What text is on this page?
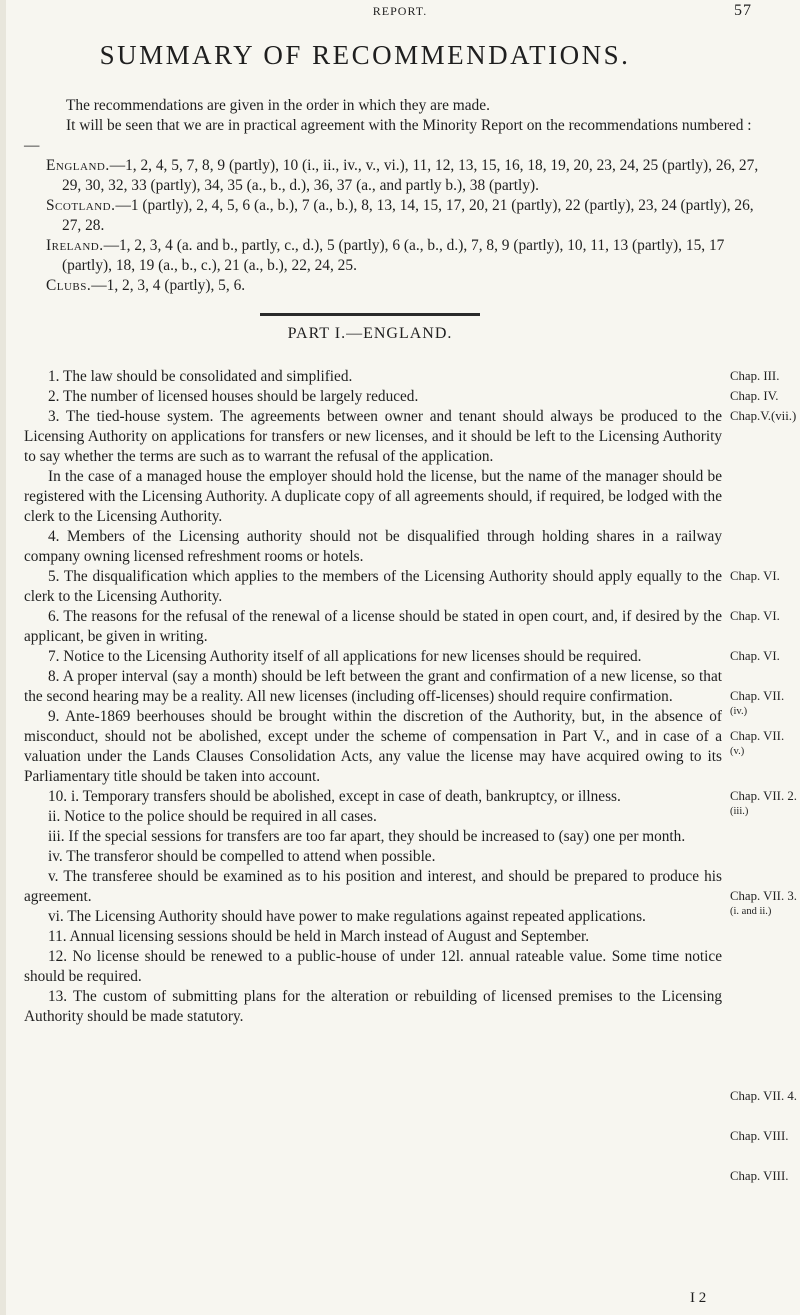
REPORT.	57
SUMMARY OF RECOMMENDATIONS.

The recommendations are given in the order in which they are made.

It will be seen that we are in practical agreement with the Minority Report on the recommendations numbered :—

England.—1, 2, 4, 5, 7, 8, 9 (partly), 10 (i., ii., iv., v., vi.), 11, 12, 13, 15, 16, 18, 19, 20, 23, 24, 25 (partly), 26, 27, 29, 30, 32, 33 (partly), 34, 35 (a., b., d.), 36, 37 (a., and partly b.), 38 (partly).

Scotland.—1 (partly), 2, 4, 5, 6 (a., b.), 7 (a., b.), 8, 13, 14, 15, 17, 20, 21 (partly), 22 (partly), 23, 24 (partly), 26, 27, 28.

Ireland.—1, 2, 3, 4 (a. and b., partly, c., d.), 5 (partly), 6 (a., b., d.), 7, 8, 9 (partly), 10, 11, 13 (partly), 15, 17 (partly), 18, 19 (a., b., c.), 21 (a., b.), 22, 24, 25.

Clubs.—1, 2, 3, 4 (partly), 5, 6.

PART I.—ENGLAND.

1. The law should be consolidated and simplified.

2. The number of licensed houses should be largely reduced.

3. The tied-house system. The agreements between owner and tenant should always be produced to the Licensing Authority on applications for transfers or new licenses, and it should be left to the Licensing Authority to say whether the terms are such as to warrant the refusal of the application.

In the case of a managed house the employer should hold the license, but the name of the manager should be registered with the Licensing Authority. A duplicate copy of all agreements should, if required, be lodged with the clerk to the Licensing Authority.

4. Members of the Licensing authority should not be disqualified through holding shares in a railway company owning licensed refreshment rooms or hotels.

5. The disqualification which applies to the members of the Licensing Authority should apply equally to the clerk to the Licensing Authority.

6. The reasons for the refusal of the renewal of a license should be stated in open court, and, if desired by the applicant, be given in writing.

7. Notice to the Licensing Authority itself of all applications for new licenses should be required.

8. A proper interval (say a month) should be left between the grant and confirmation of a new license, so that the second hearing may be a reality. All new licenses (including off-licenses) should require confirmation.

9. Ante-1869 beerhouses should be brought within the discretion of the Authority, but, in the absence of misconduct, should not be abolished, except under the scheme of compensation in Part V., and in case of a valuation under the Lands Clauses Consolidation Acts, any value the license may have acquired owing to its Parliamentary title should be taken into account.

10. i. Temporary transfers should be abolished, except in case of death, bankruptcy, or illness.

ii. Notice to the police should be required in all cases.

iii. If the special sessions for transfers are too far apart, they should be increased to (say) one per month.

iv. The transferor should be compelled to attend when possible.

v. The transferee should be examined as to his position and interest, and should be prepared to produce his agreement.

vi. The Licensing Authority should have power to make regulations against repeated applications.

11. Annual licensing sessions should be held in March instead of August and September.

12. No license should be renewed to a public-house of under 12l. annual rateable value. Some time notice should be required.

13. The custom of submitting plans for the alteration or rebuilding of licensed premises to the Licensing Authority should be made statutory.

Chap. III.
Chap. IV.
Chap.V.(vii.)
Chap. VI.
Chap. VI.
Chap. VI.
Chap. VII.
(iv.)
Chap. VII.
(v.)
Chap. VII. 2.
(iii.)
Chap. VII. 3.
(i. and ii.)
Chap. VII. 4.
Chap. VIII.
Chap. VIII.
I 2
